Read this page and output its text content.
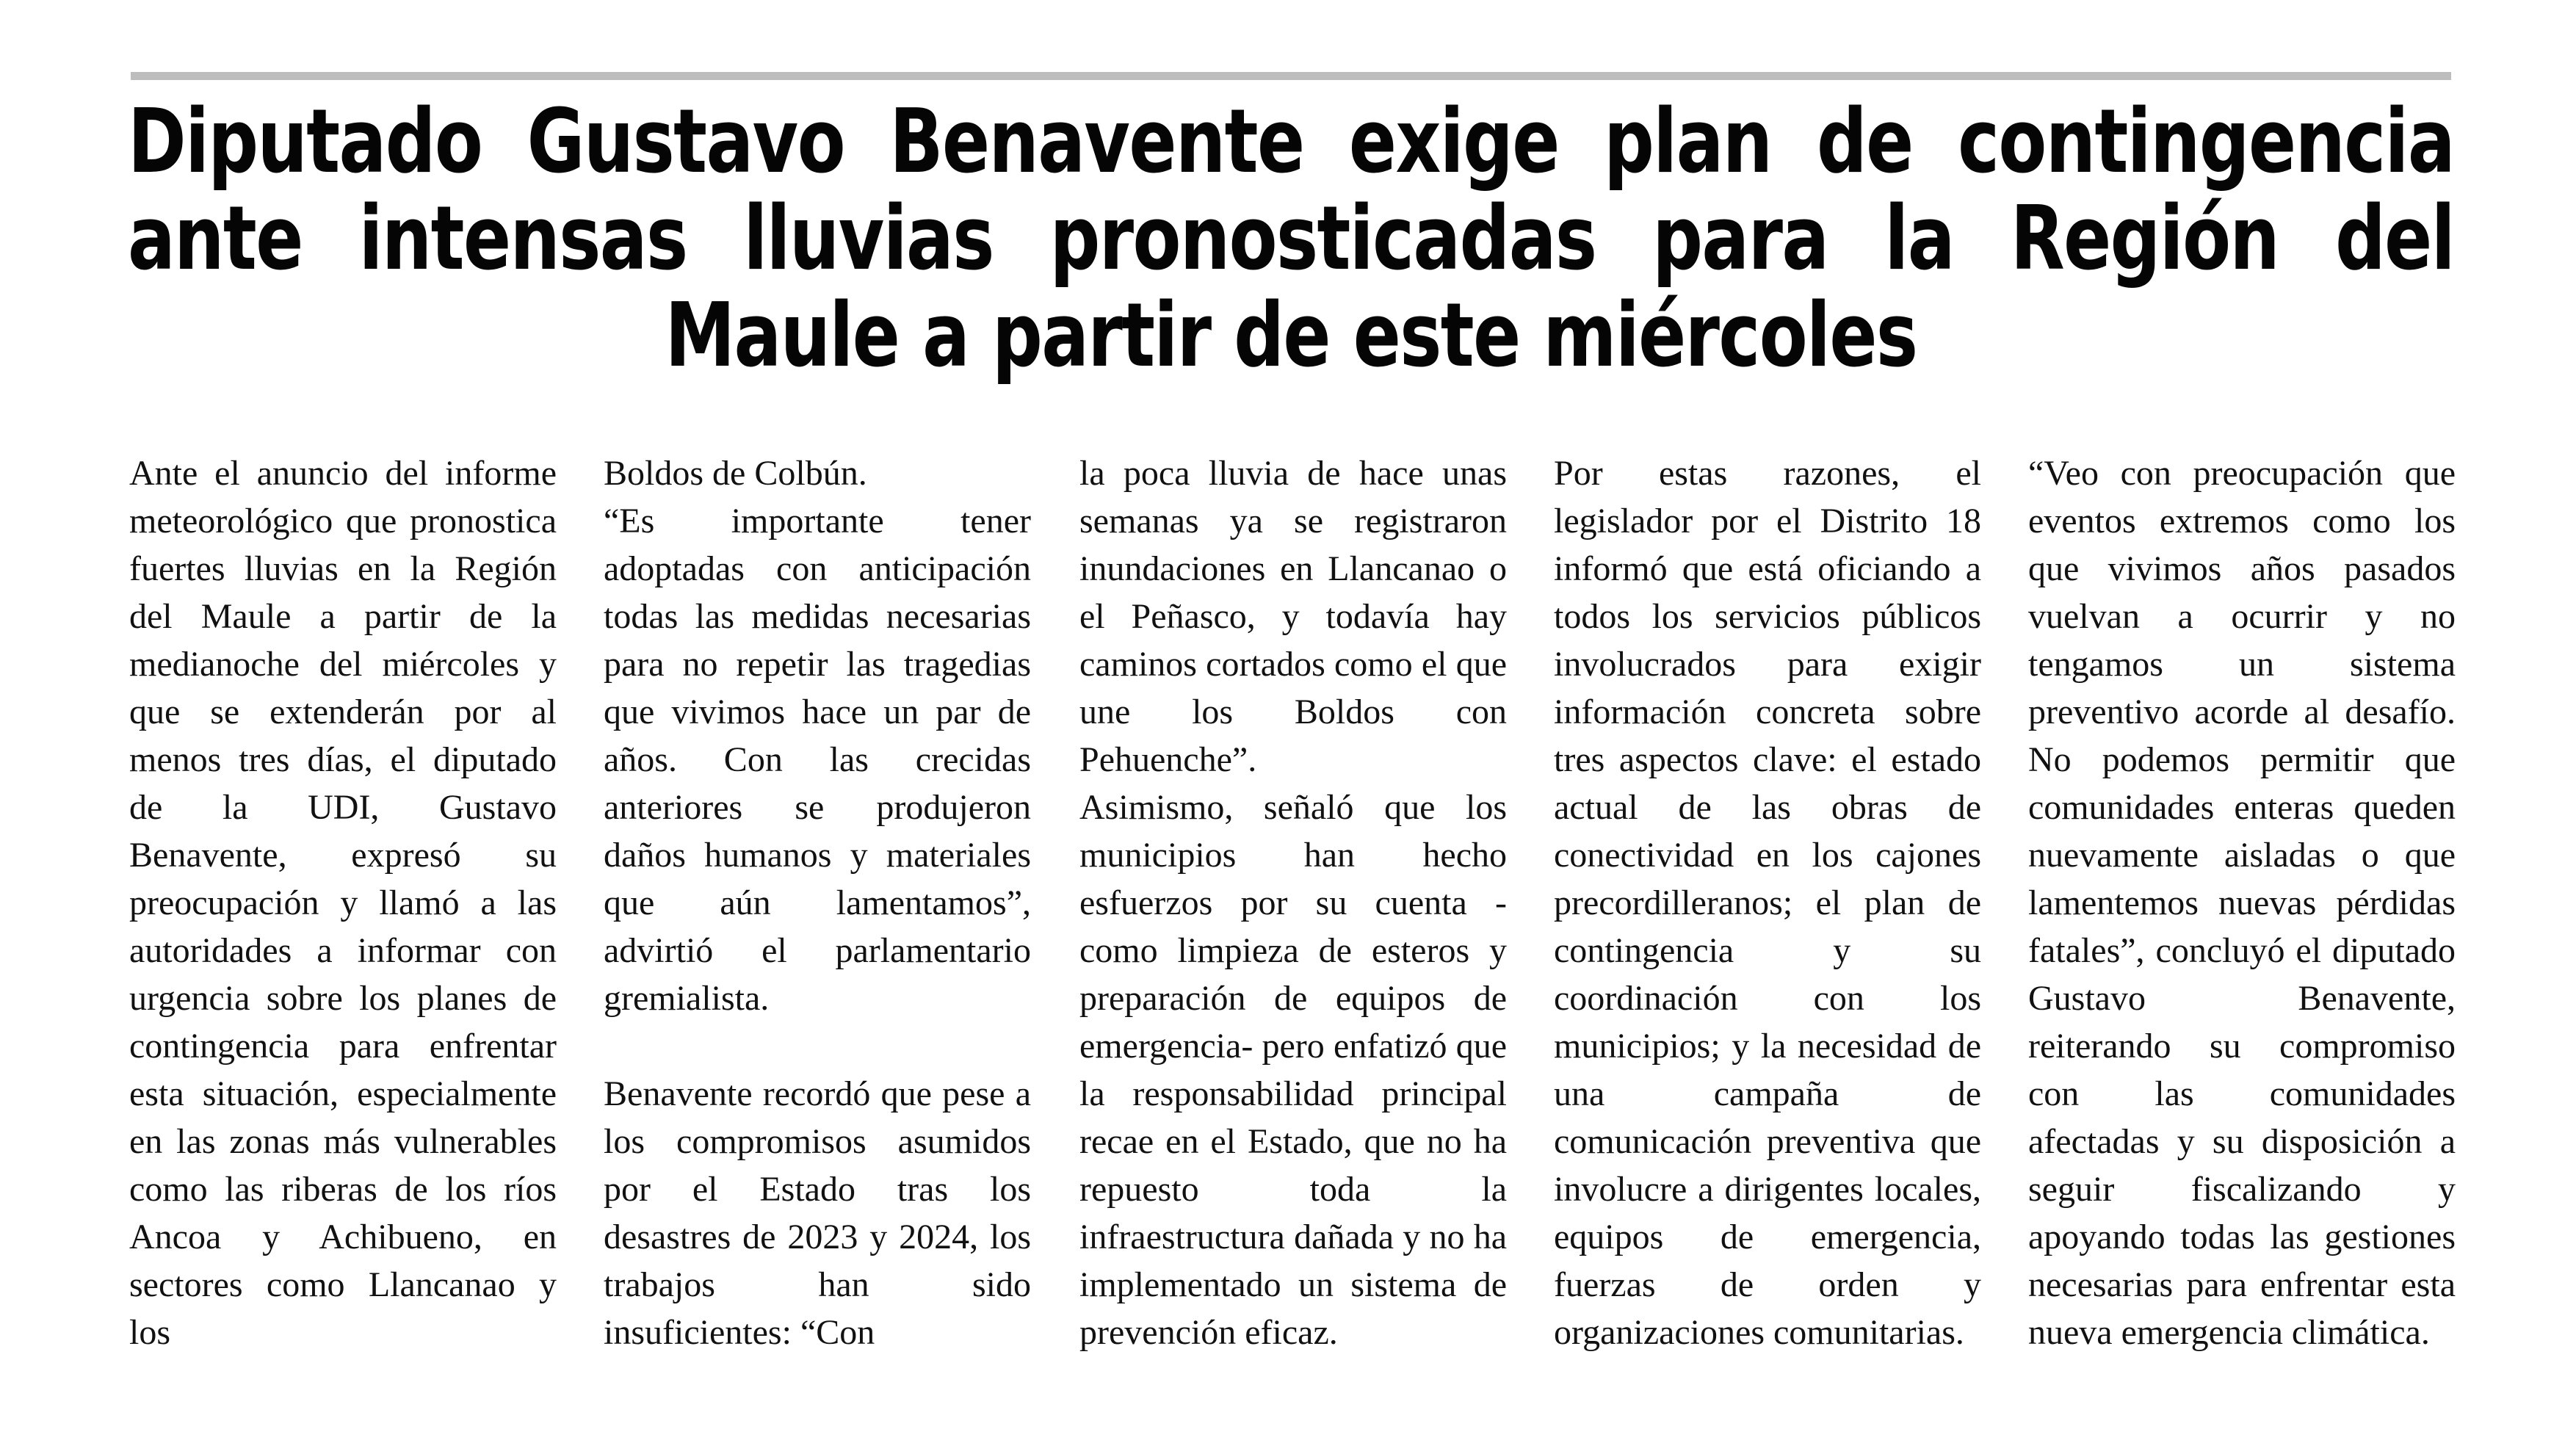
Diputado Gustavo Benavente exige plan de contingencia
ante intensas lluvias pronosticadas para la Región del
Maule a partir de este miércoles

Ante el anuncio del informe meteorológico que pronostica fuertes lluvias en la Región del Maule a partir de la medianoche del miércoles y que se extenderán por al menos tres días, el diputado de la UDI, Gustavo Benavente, expresó su preocupación y llamó a las autoridades a informar con urgencia sobre los planes de contingencia para enfrentar esta situación, especialmente en las zonas más vulnerables como las riberas de los ríos Ancoa y Achibueno, en sectores como Llancanao y los

Boldos de Colbún.

“Es importante tener adoptadas con anticipación todas las medidas necesarias para no repetir las tragedias que vivimos hace un par de años. Con las crecidas anteriores se produjeron daños humanos y materiales que aún lamentamos”, advirtió el parlamentario gremialista.

Benavente recordó que pese a los compromisos asumidos por el Estado tras los desastres de 2023 y 2024, los trabajos han sido insuficientes: “Con

la poca lluvia de hace unas semanas ya se registraron inundaciones en Llancanao o el Peñasco, y todavía hay caminos cortados como el que une los Boldos con Pehuenche”.

Asimismo, señaló que los municipios han hecho esfuerzos por su cuenta -como limpieza de esteros y preparación de equipos de emergencia- pero enfatizó que la responsabilidad principal recae en el Estado, que no ha repuesto toda la infraestructura dañada y no ha implementado un sistema de prevención eficaz.

Por estas razones, el legislador por el Distrito 18 informó que está oficiando a todos los servicios públicos involucrados para exigir información concreta sobre tres aspectos clave: el estado actual de las obras de conectividad en los cajones precordilleranos; el plan de contingencia y su coordinación con los municipios; y la necesidad de una campaña de comunicación preventiva que involucre a dirigentes locales, equipos de emergencia, fuerzas de orden y organizaciones comunitarias.

“Veo con preocupación que eventos extremos como los que vivimos años pasados vuelvan a ocurrir y no tengamos un sistema preventivo acorde al desafío. No podemos permitir que comunidades enteras queden nuevamente aisladas o que lamentemos nuevas pérdidas fatales”, concluyó el diputado Gustavo Benavente, reiterando su compromiso con las comunidades afectadas y su disposición a seguir fiscalizando y apoyando todas las gestiones necesarias para enfrentar esta nueva emergencia climática.
